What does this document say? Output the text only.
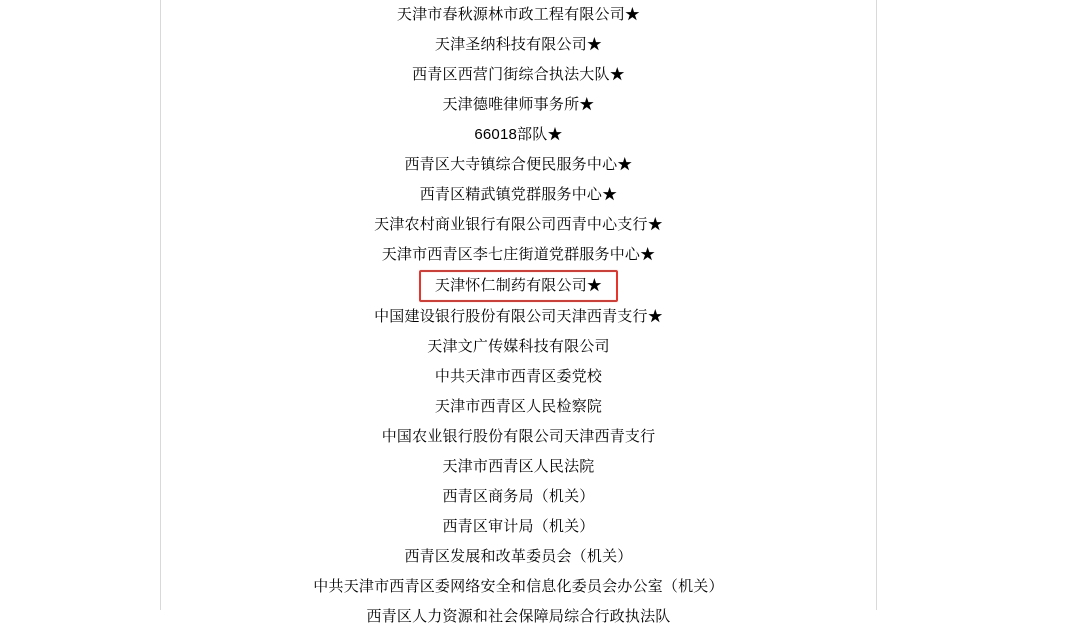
天津市春秋源林市政工程有限公司★
天津圣纳科技有限公司★
西青区西营门街综合执法大队★
天津德唯律师事务所★
66018部队★
西青区大寺镇综合便民服务中心★
西青区精武镇党群服务中心★
天津农村商业银行有限公司西青中心支行★
天津市西青区李七庄街道党群服务中心★
天津怀仁制药有限公司★
中国建设银行股份有限公司天津西青支行★
天津文广传媒科技有限公司
中共天津市西青区委党校
天津市西青区人民检察院
中国农业银行股份有限公司天津西青支行
天津市西青区人民法院
西青区商务局（机关）
西青区审计局（机关）
西青区发展和改革委员会（机关）
中共天津市西青区委网络安全和信息化委员会办公室（机关）
西青区人力资源和社会保障局综合行政执法队
